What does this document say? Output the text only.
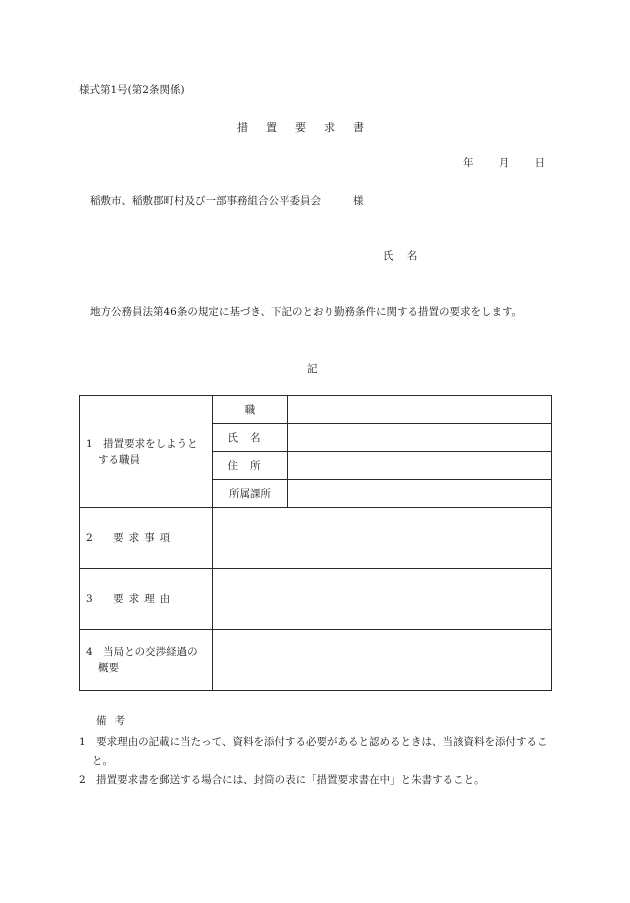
様式第1号(第2条関係)
措置要求書
年 月 日
稲敷市、稲敷郡町村及び一部事務組合公平委員会	様
氏 名
地方公務員法第46条の規定に基づき、下記のとおり勤務条件に関する措置の要求をします。
記
1　措置要求をしようと
する職員	職	
	氏名	
	住所	
	所属課所	
2　要求事項		
3　要求理由		

4　当局との交渉経過の
概要		

備考
1　要求理由の記載に当たって、資料を添付する必要があると認めるときは、当該資料を添付すること。
2　措置要求書を郵送する場合には、封筒の表に「措置要求書在中」と朱書すること。
